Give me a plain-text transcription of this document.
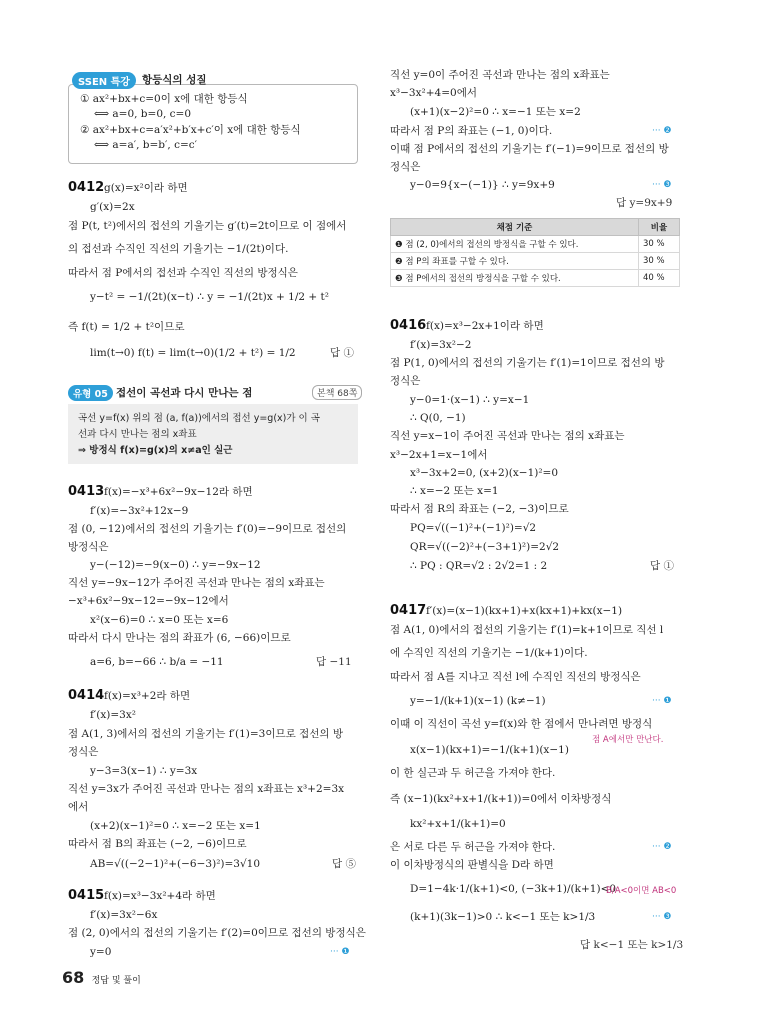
SSEN 특강	항등식의 성질
① ax²+bx+c=0이 x에 대한 항등식
⟺ a=0, b=0, c=0
② ax²+bx+c=a′x²+b′x+c′이 x에 대한 항등식
⟺ a=a′, b=b′, c=c′
0412 g(x)=x²이라 하면
g′(x)=2x
점 P(t, t²)에서의 접선의 기울기는 g′(t)=2t이므로 이 점에서
의 접선과 수직인 직선의 기울기는 −1/(2t)이다.
따라서 점 P에서의 접선과 수직인 직선의 방정식은
y−t² = −1/(2t)(x−t) ∴ y = −1/(2t)x + 1/2 + t²
즉 f(t) = 1/2 + t²이므로
lim(t→0) f(t) = lim(t→0)(1/2 + t²) = 1/2	답 ①
유형 05 접선이 곡선과 다시 만나는 점	본책 68쪽
곡선 y=f(x) 위의 점 (a, f(a))에서의 접선 y=g(x)가 이 곡
선과 다시 만나는 점의 x좌표
⇒ 방정식 f(x)=g(x)의 x≠a인 실근
0413 f(x)=−x³+6x²−9x−12라 하면
f′(x)=−3x²+12x−9
점 (0, −12)에서의 접선의 기울기는 f′(0)=−9이므로 접선의
방정식은
y−(−12)=−9(x−0) ∴ y=−9x−12
직선 y=−9x−12가 주어진 곡선과 만나는 점의 x좌표는
−x³+6x²−9x−12=−9x−12에서
x²(x−6)=0 ∴ x=0 또는 x=6
따라서 다시 만나는 점의 좌표가 (6, −66)이므로
a=6, b=−66 ∴ b/a = −11	답 −11
0414 f(x)=x³+2라 하면
f′(x)=3x²
점 A(1, 3)에서의 접선의 기울기는 f′(1)=3이므로 접선의 방
정식은
y−3=3(x−1) ∴ y=3x
직선 y=3x가 주어진 곡선과 만나는 점의 x좌표는 x³+2=3x
에서
(x+2)(x−1)²=0 ∴ x=−2 또는 x=1
따라서 점 B의 좌표는 (−2, −6)이므로
AB=√((−2−1)²+(−6−3)²)=3√10	답 ⑤
0415 f(x)=x³−3x²+4라 하면
f′(x)=3x²−6x
점 (2, 0)에서의 접선의 기울기는 f′(2)=0이므로 접선의 방정식은
y=0	··· ❶
직선 y=0이 주어진 곡선과 만나는 점의 x좌표는
x³−3x²+4=0에서
(x+1)(x−2)²=0 ∴ x=−1 또는 x=2
따라서 점 P의 좌표는 (−1, 0)이다.	··· ❷
이때 점 P에서의 접선의 기울기는 f′(−1)=9이므로 접선의 방
정식은
y−0=9{x−(−1)} ∴ y=9x+9	··· ❸
답 y=9x+9
채점 기준	비율
❶ 점 (2, 0)에서의 접선의 방정식을 구할 수 있다.	30 %
❷ 점 P의 좌표를 구할 수 있다.	30 %
❸ 점 P에서의 접선의 방정식을 구할 수 있다.	40 %
0416 f(x)=x³−2x+1이라 하면
f′(x)=3x²−2
점 P(1, 0)에서의 접선의 기울기는 f′(1)=1이므로 접선의 방
정식은
y−0=1·(x−1) ∴ y=x−1
∴ Q(0, −1)
직선 y=x−1이 주어진 곡선과 만나는 점의 x좌표는
x³−2x+1=x−1에서
x³−3x+2=0, (x+2)(x−1)²=0
∴ x=−2 또는 x=1
따라서 점 R의 좌표는 (−2, −3)이므로
PQ=√((−1)²+(−1)²)=√2
QR=√((−2)²+(−3+1)²)=2√2
∴ PQ : QR=√2 : 2√2=1 : 2	답 ①
0417 f′(x)=(x−1)(kx+1)+x(kx+1)+kx(x−1)
점 A(1, 0)에서의 접선의 기울기는 f′(1)=k+1이므로 직선 l
에 수직인 직선의 기울기는 −1/(k+1)이다.
따라서 점 A를 지나고 직선 l에 수직인 직선의 방정식은
y=−1/(k+1)(x−1) (k≠−1)	··· ❶
이때 이 직선이 곡선 y=f(x)와 한 점에서 만나려면 방정식
점 A에서만 만난다.
x(x−1)(kx+1)=−1/(k+1)(x−1)
이 한 실근과 두 허근을 가져야 한다.
즉 (x−1)(kx²+x+1/(k+1))=0에서 이차방정식
kx²+x+1/(k+1)=0
은 서로 다른 두 허근을 가져야 한다.	··· ❷
이 이차방정식의 판별식을 D라 하면
D=1−4k·1/(k+1)<0, (−3k+1)/(k+1)<0
B/A<0이면 AB<0
(k+1)(3k−1)>0 ∴ k<−1 또는 k>1/3	··· ❸
답 k<−1 또는 k>1/3
68 정답 및 풀이
